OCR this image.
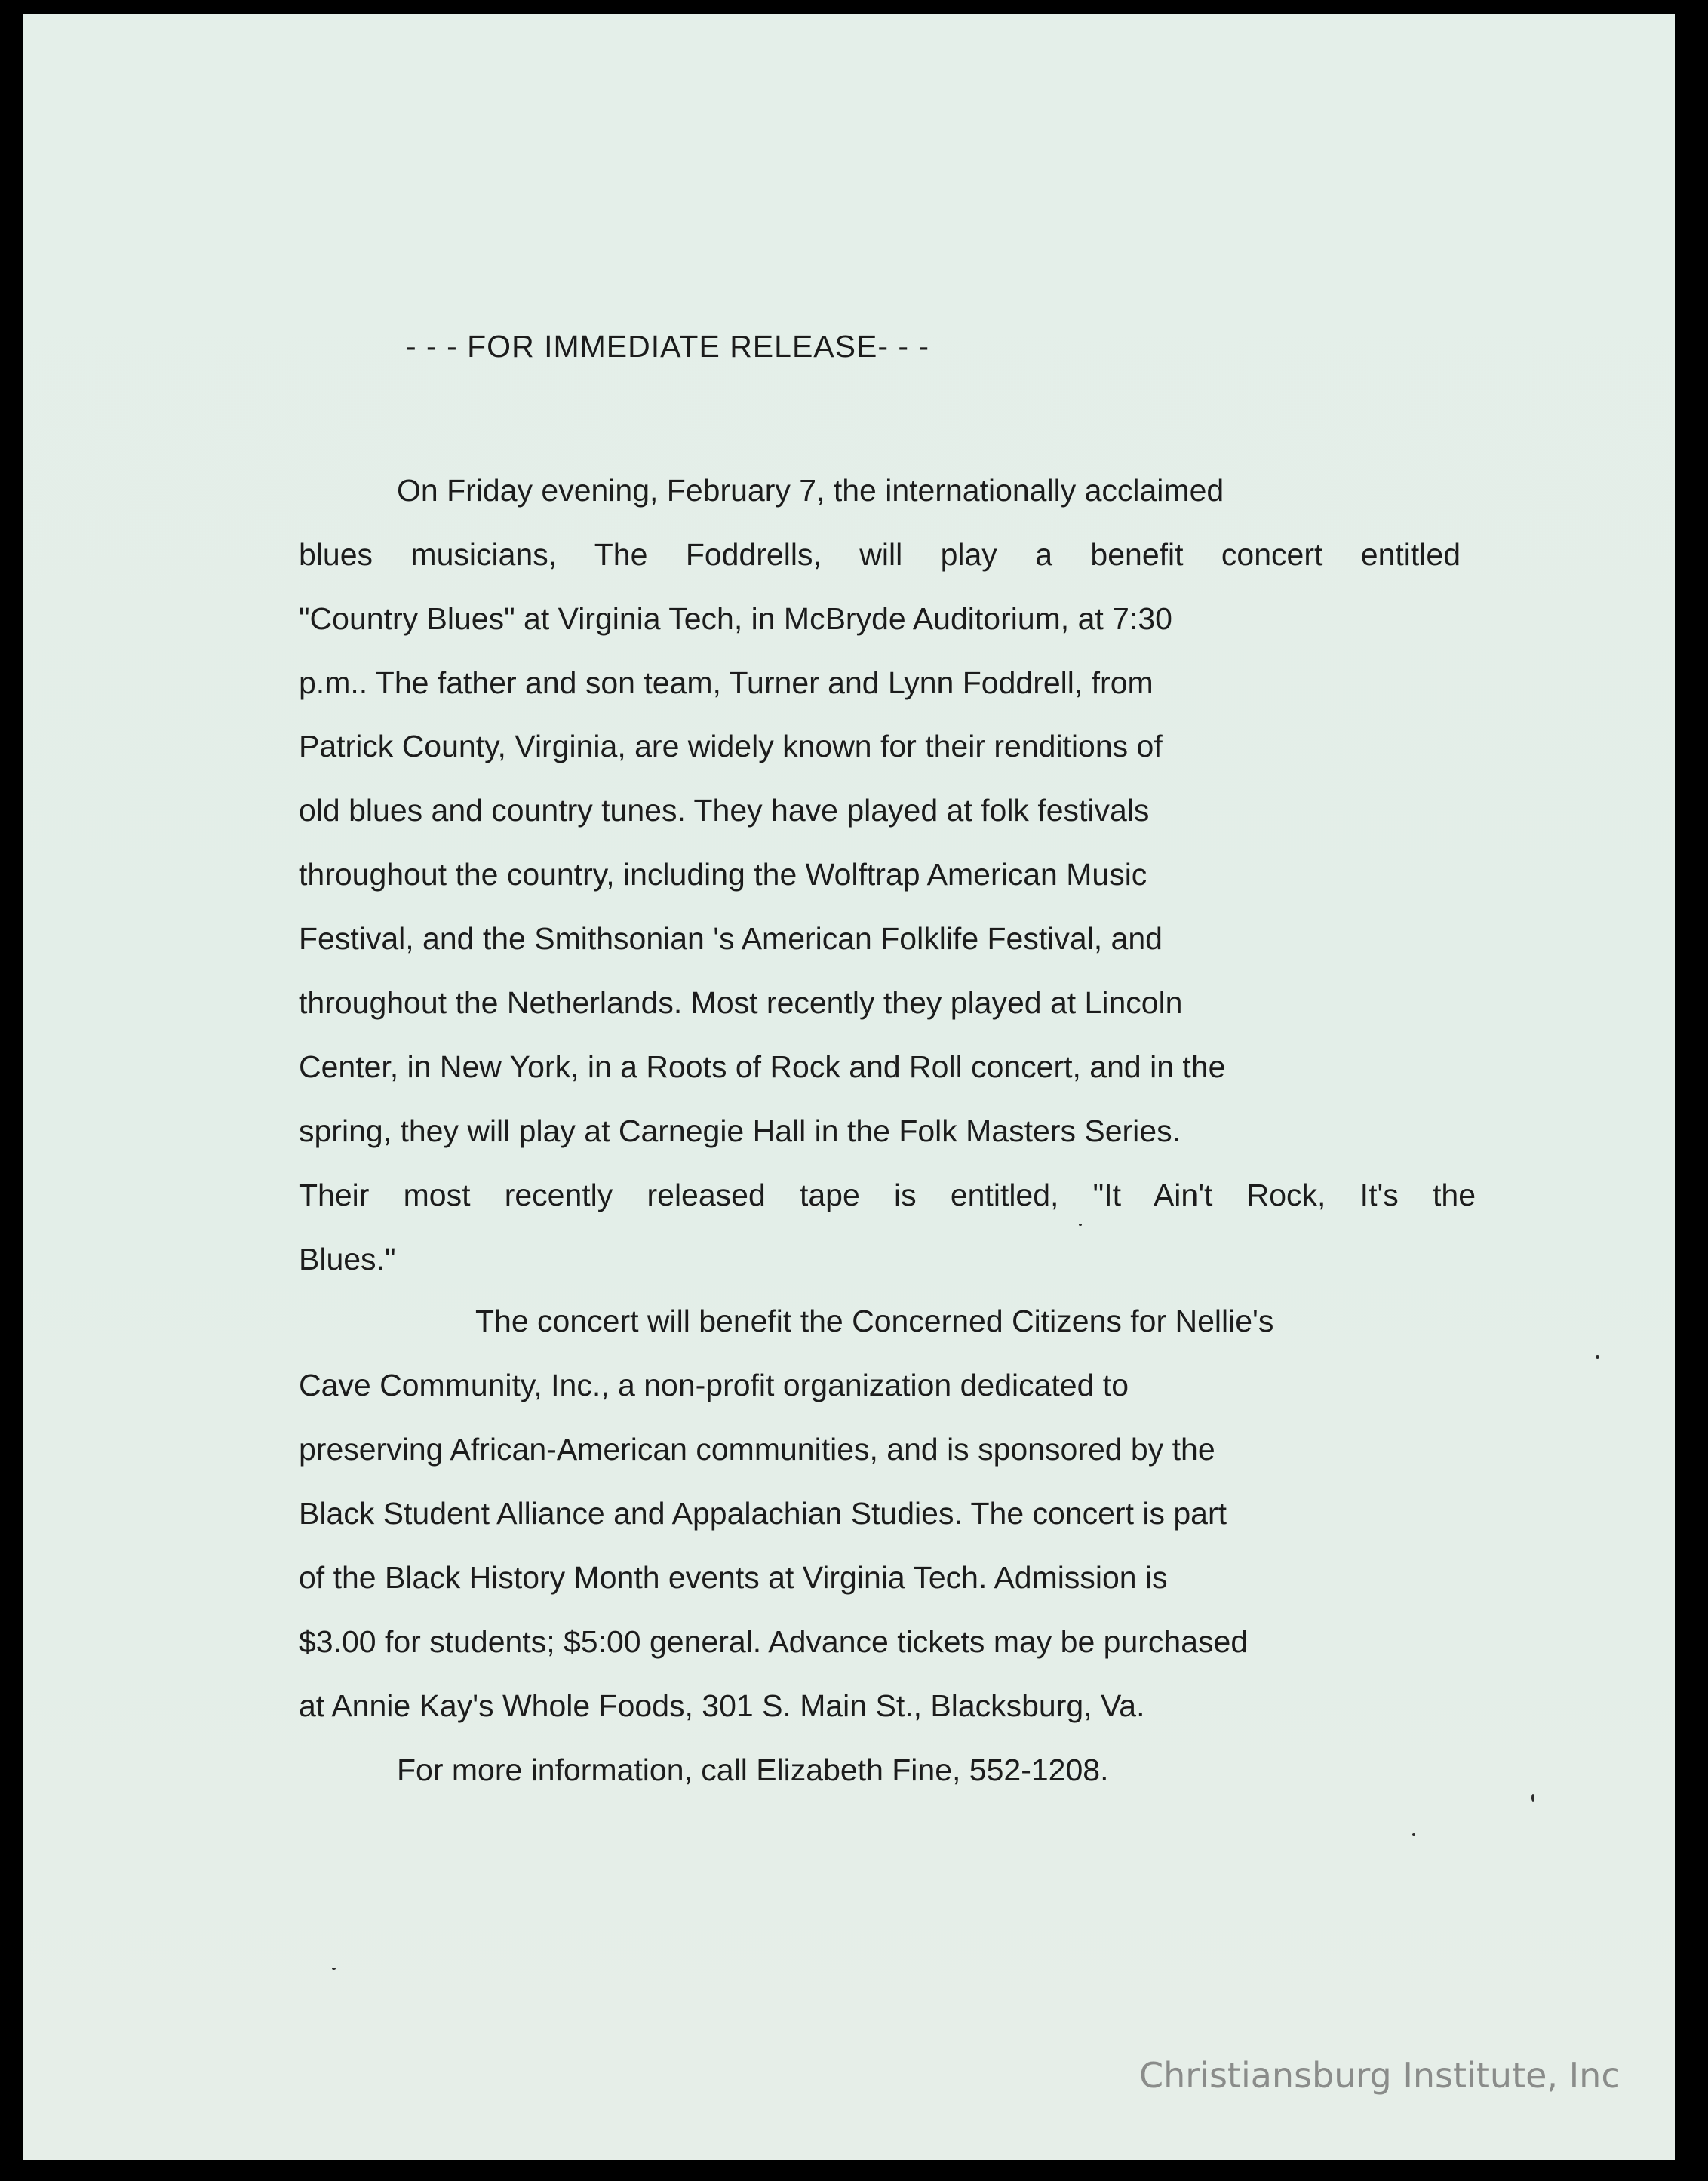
- - - FOR IMMEDIATE RELEASE- - -
On Friday evening, February 7, the internationally acclaimed
blues musicians, The Foddrells, will play a benefit concert entitled
"Country Blues" at Virginia Tech, in McBryde Auditorium, at 7:30
p.m.. The father and son team, Turner and Lynn Foddrell, from
Patrick County, Virginia, are widely known for their renditions of
old blues and country tunes. They have played at folk festivals
throughout the country, including the Wolftrap American Music
Festival, and the Smithsonian 's American Folklife Festival, and
throughout the Netherlands. Most recently they played at Lincoln
Center, in New York, in a Roots of Rock and Roll concert, and in the
spring, they will play at Carnegie Hall in the Folk Masters Series.
Their most recently released tape is entitled, "It Ain't Rock, It's the
Blues."
The concert will benefit the Concerned Citizens for Nellie's
Cave Community, Inc., a non-profit organization dedicated to
preserving African-American communities, and is sponsored by the
Black Student Alliance and Appalachian Studies. The concert is part
of the Black History Month events at Virginia Tech. Admission is
$3.00 for students; $5:00 general. Advance tickets may be purchased
at Annie Kay's Whole Foods, 301 S. Main St., Blacksburg, Va.
For more information, call Elizabeth Fine, 552-1208.
Christiansburg Institute, Inc
